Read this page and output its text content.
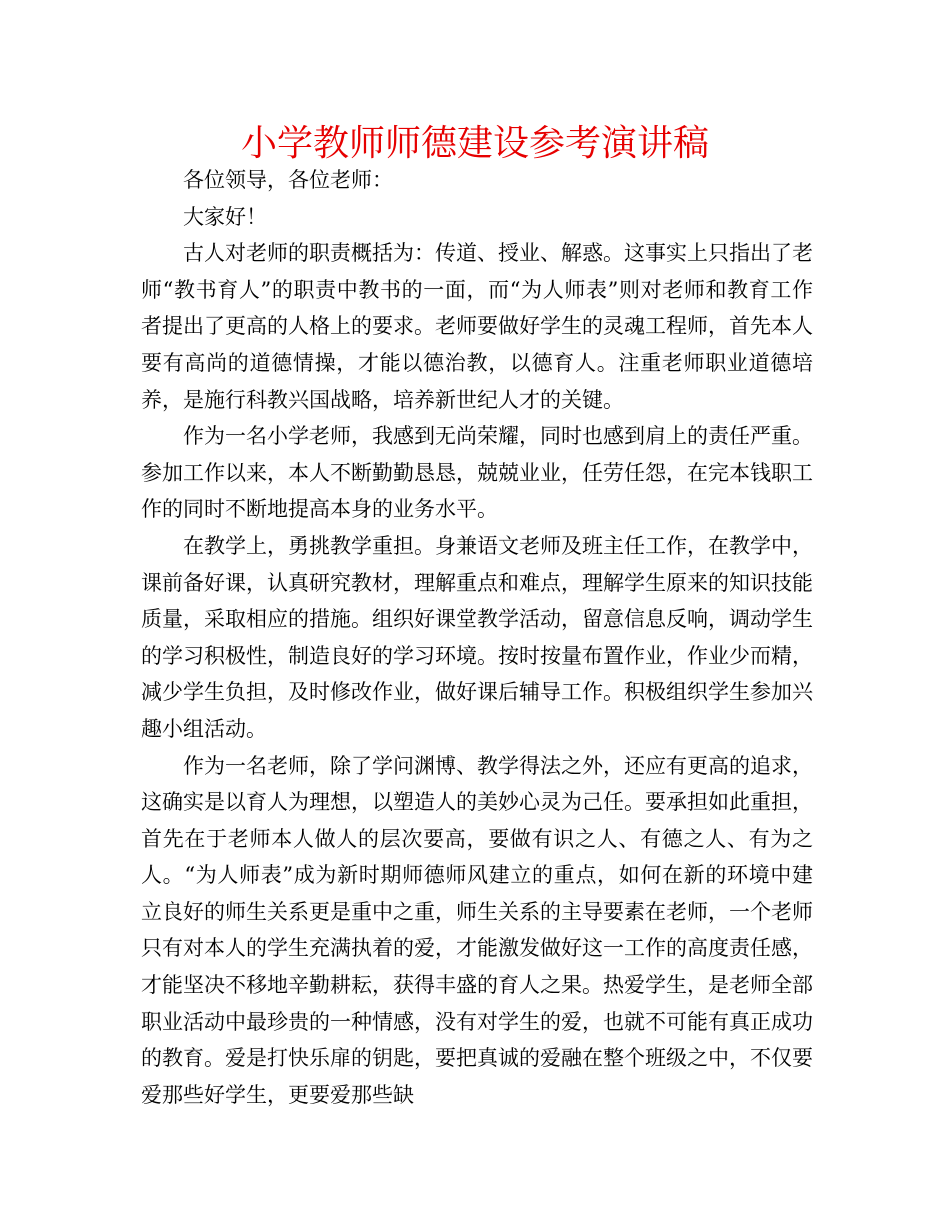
小学教师师德建设参考演讲稿

各位领导，各位老师：

大家好！

古人对老师的职责概括为：传道、授业、解惑。这事实上只指出了老师“教书育人”的职责中教书的一面，而“为人师表”则对老师和教育工作者提出了更高的人格上的要求。老师要做好学生的灵魂工程师，首先本人要有高尚的道德情操，才能以德治教，以德育人。注重老师职业道德培养，是施行科教兴国战略，培养新世纪人才的关键。

作为一名小学老师，我感到无尚荣耀，同时也感到肩上的责任严重。参加工作以来，本人不断勤勤恳恳，兢兢业业，任劳任怨，在完本钱职工作的同时不断地提高本身的业务水平。

在教学上，勇挑教学重担。身兼语文老师及班主任工作，在教学中，课前备好课，认真研究教材，理解重点和难点，理解学生原来的知识技能质量，采取相应的措施。组织好课堂教学活动，留意信息反响，调动学生的学习积极性，制造良好的学习环境。按时按量布置作业，作业少而精，减少学生负担，及时修改作业，做好课后辅导工作。积极组织学生参加兴趣小组活动。

作为一名老师，除了学问渊博、教学得法之外，还应有更高的追求，这确实是以育人为理想，以塑造人的美妙心灵为己任。要承担如此重担，首先在于老师本人做人的层次要高，要做有识之人、有德之人、有为之人。“为人师表”成为新时期师德师风建立的重点，如何在新的环境中建立良好的师生关系更是重中之重，师生关系的主导要素在老师，一个老师只有对本人的学生充满执着的爱，才能激发做好这一工作的高度责任感，才能坚决不移地辛勤耕耘，获得丰盛的育人之果。热爱学生，是老师全部职业活动中最珍贵的一种情感，没有对学生的爱，也就不可能有真正成功的教育。爱是打快乐扉的钥匙，要把真诚的爱融在整个班级之中，不仅要爱那些好学生，更要爱那些缺
